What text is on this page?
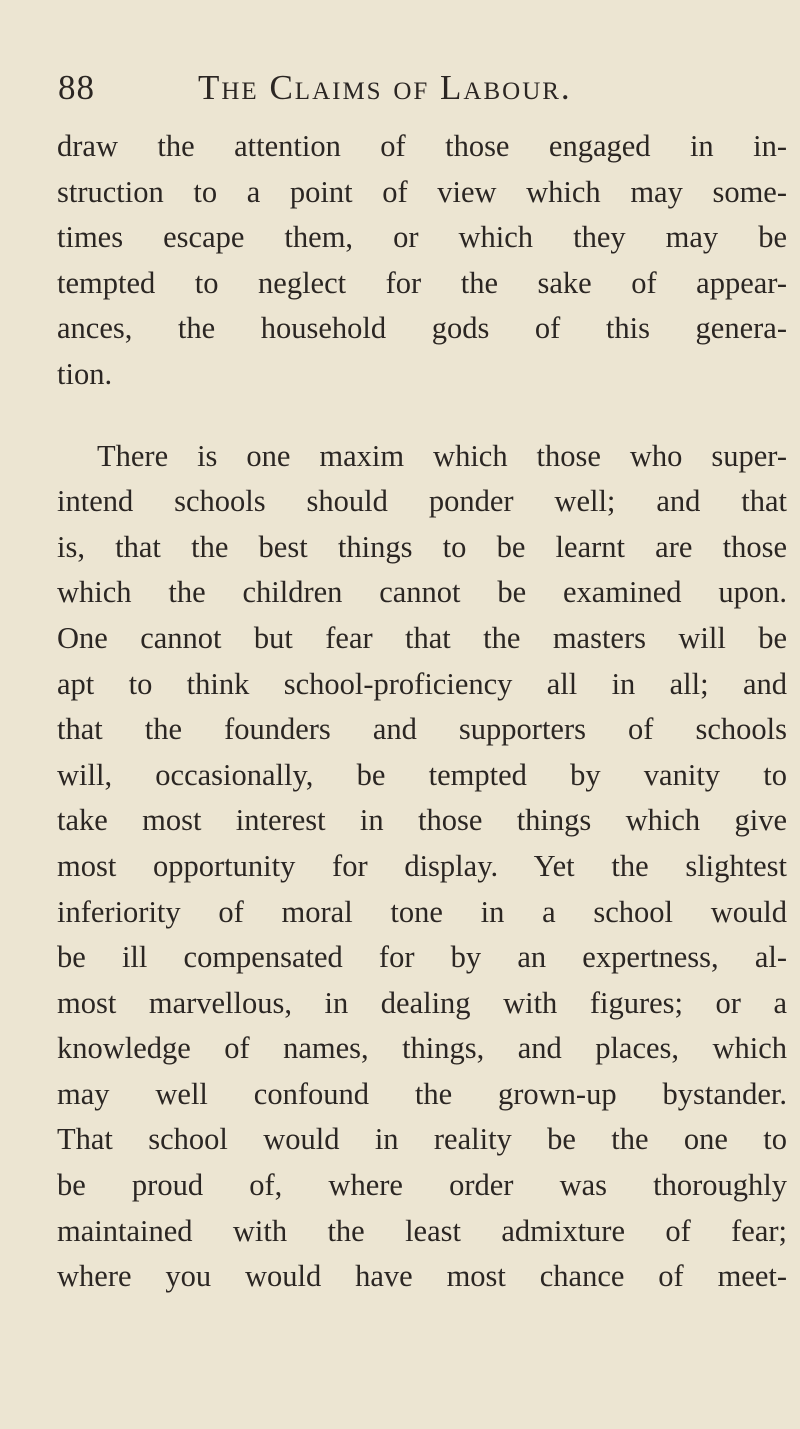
88	The Claims of Labour.

draw the attention of those engaged in in-
struction to a point of view which may some-
times escape them, or which they may be
tempted to neglect for the sake of appear-
ances, the household gods of this genera-
tion.

There is one maxim which those who super-
intend schools should ponder well; and that
is, that the best things to be learnt are those
which the children cannot be examined upon.
One cannot but fear that the masters will be
apt to think school-proficiency all in all; and
that the founders and supporters of schools
will, occasionally, be tempted by vanity to
take most interest in those things which give
most opportunity for display. Yet the slightest
inferiority of moral tone in a school would
be ill compensated for by an expertness, al-
most marvellous, in dealing with figures; or a
knowledge of names, things, and places, which
may well confound the grown-up bystander.
That school would in reality be the one to
be proud of, where order was thoroughly
maintained with the least admixture of fear;
where you would have most chance of meet-
